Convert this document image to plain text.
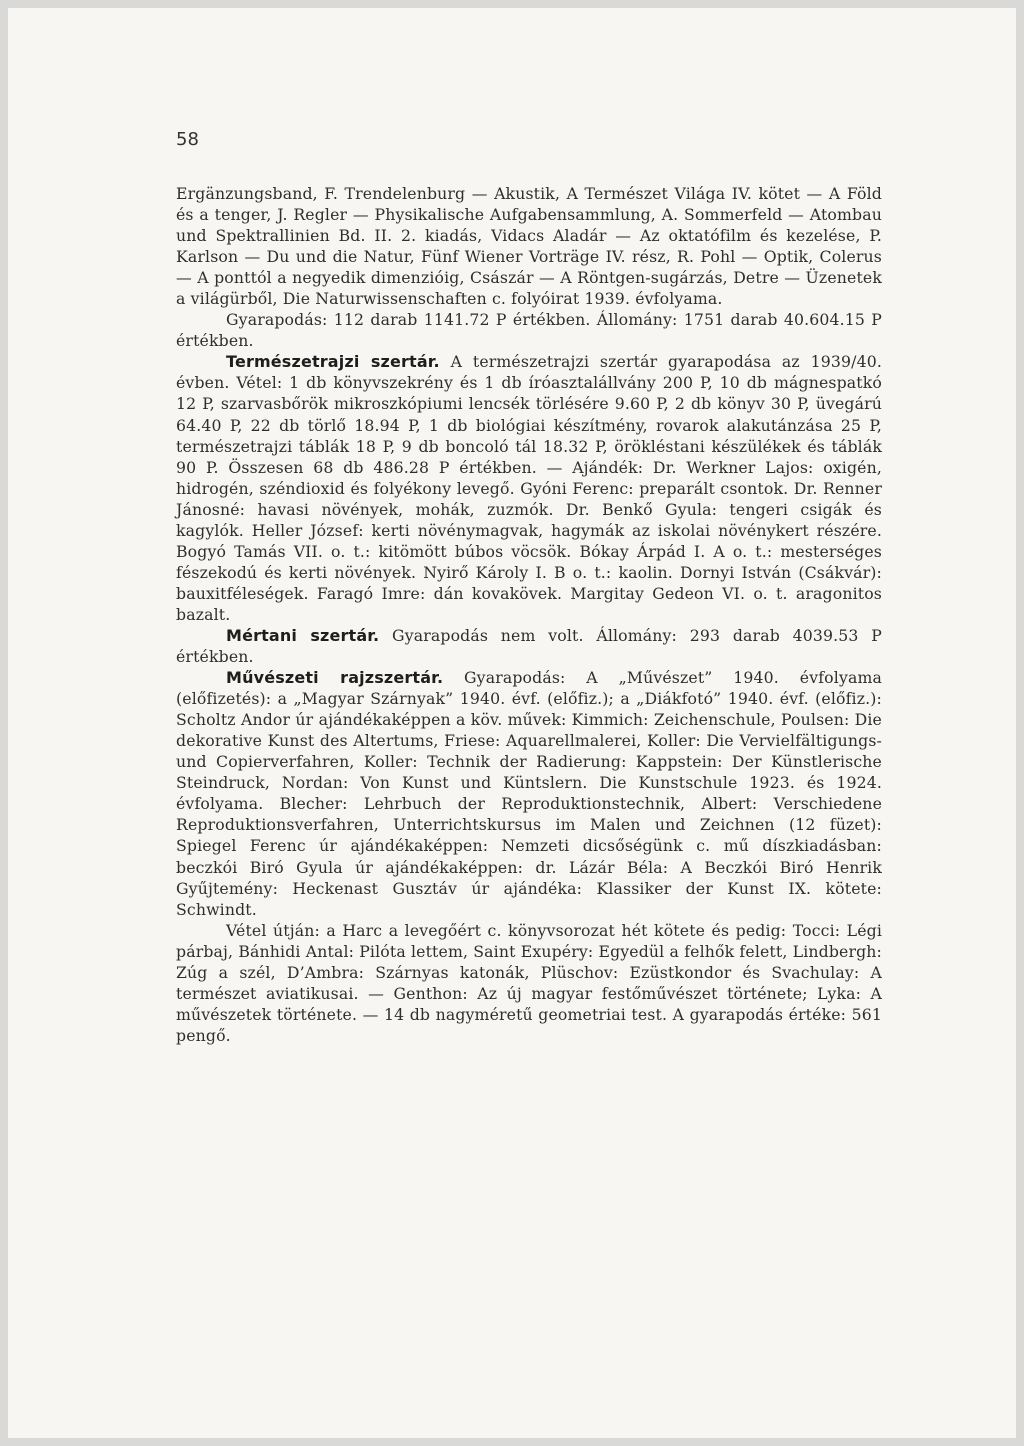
58

Ergänzungsband, F. Trendelenburg — Akustik, A Természet Világa IV. kötet — A Föld és a tenger, J. Regler — Physikalische Aufgabensammlung, A. Sommerfeld — Atombau und Spektrallinien Bd. II. 2. kiadás, Vidacs Aladár — Az oktatófilm és kezelése, P. Karlson — Du und die Natur, Fünf Wiener Vorträge IV. rész, R. Pohl — Optik, Colerus — A ponttól a negyedik dimenzióig, Császár — A Röntgen-sugárzás, Detre — Üzenetek a világürből, Die Naturwissenschaften c. folyóirat 1939. évfolyama.

Gyarapodás: 112 darab 1141.72 P értékben. Állomány: 1751 darab 40.604.15 P értékben.

Természetrajzi szertár. A természetrajzi szertár gyarapodása az 1939/40. évben. Vétel: 1 db könyvszekrény és 1 db íróasztalállvány 200 P, 10 db mágnespatkó 12 P, szarvasbőrök mikroszkópiumi lencsék törlésére 9.60 P, 2 db könyv 30 P, üvegárú 64.40 P, 22 db törlő 18.94 P, 1 db biológiai készítmény, rovarok alakutánzása 25 P, természetrajzi táblák 18 P, 9 db boncoló tál 18.32 P, örökléstani készülékek és táblák 90 P. Összesen 68 db 486.28 P értékben. — Ajándék: Dr. Werkner Lajos: oxigén, hidrogén, széndioxid és folyékony levegő. Gyóni Ferenc: preparált csontok. Dr. Renner Jánosné: havasi növények, mohák, zuzmók. Dr. Benkő Gyula: tengeri csigák és kagylók. Heller József: kerti növénymagvak, hagymák az iskolai növénykert részére. Bogyó Tamás VII. o. t.: kitömött búbos vöcsök. Bókay Árpád I. A o. t.: mesterséges fészekodú és kerti növények. Nyirő Károly I. B o. t.: kaolin. Dornyi István (Csákvár): bauxitféleségek. Faragó Imre: dán kovakövek. Margitay Gedeon VI. o. t. aragonitos bazalt.

Mértani szertár. Gyarapodás nem volt. Állomány: 293 darab 4039.53 P értékben.

Művészeti rajzszertár. Gyarapodás: A „Művészet” 1940. évfolyama (előfizetés): a „Magyar Szárnyak” 1940. évf. (előfiz.); a „Diákfotó” 1940. évf. (előfiz.): Scholtz Andor úr ajándékaképpen a köv. művek: Kimmich: Zeichenschule, Poulsen: Die dekorative Kunst des Altertums, Friese: Aquarellmalerei, Koller: Die Vervielfältigungs- und Copierverfahren, Koller: Technik der Radierung: Kappstein: Der Künstlerische Steindruck, Nordan: Von Kunst und Küntslern. Die Kunstschule 1923. és 1924. évfolyama. Blecher: Lehrbuch der Reproduktionstechnik, Albert: Verschiedene Reproduktionsverfahren, Unterrichtskursus im Malen und Zeichnen (12 füzet): Spiegel Ferenc úr ajándékaképpen: Nemzeti dicsőségünk c. mű díszkiadásban: beczkói Biró Gyula úr ajándékaképpen: dr. Lázár Béla: A Beczkói Biró Henrik Gyűjtemény: Heckenast Gusztáv úr ajándéka: Klassiker der Kunst IX. kötete: Schwindt.

Vétel útján: a Harc a levegőért c. könyvsorozat hét kötete és pedig: Tocci: Légi párbaj, Bánhidi Antal: Pilóta lettem, Saint Exupéry: Egyedül a felhők felett, Lindbergh: Zúg a szél, D’Ambra: Szárnyas katonák, Plüschov: Ezüstkondor és Svachulay: A természet aviatikusai. — Genthon: Az új magyar festőművészet története; Lyka: A művészetek története. — 14 db nagyméretű geometriai test. A gyarapodás értéke: 561 pengő.
